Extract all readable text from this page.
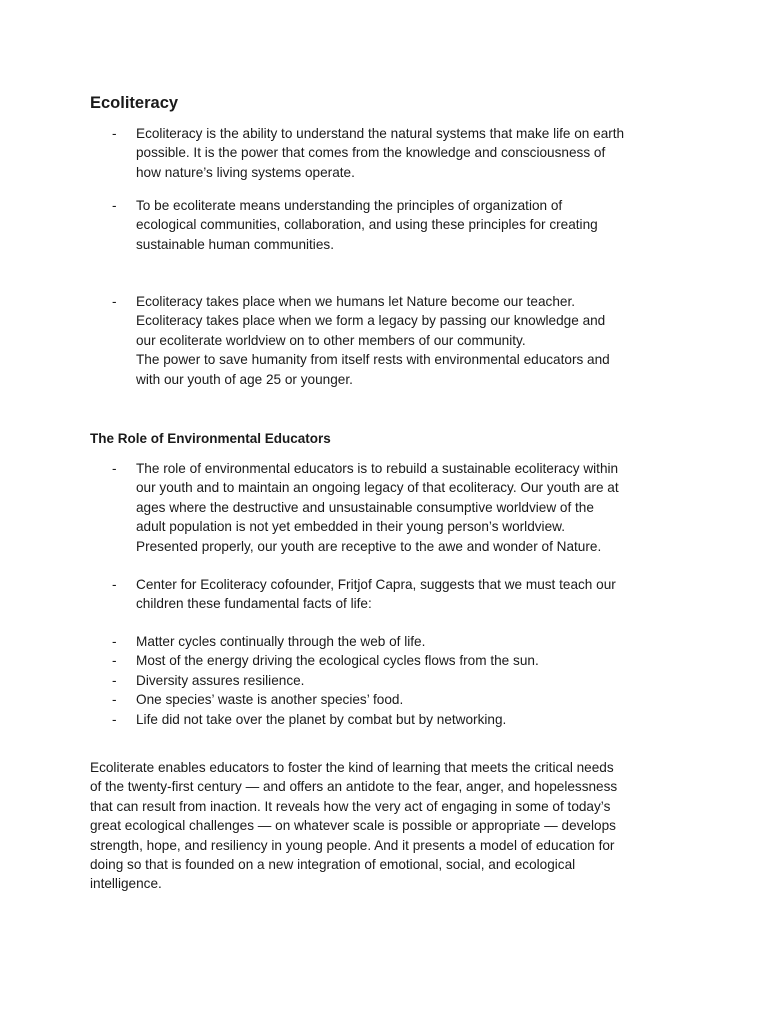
Ecoliteracy
- Ecoliteracy is the ability to understand the natural systems that make life on earth
possible. It is the power that comes from the knowledge and consciousness of
how nature’s living systems operate.
- To be ecoliterate means understanding the principles of organization of
ecological communities, collaboration, and using these principles for creating
sustainable human communities.
- Ecoliteracy takes place when we humans let Nature become our teacher.
Ecoliteracy takes place when we form a legacy by passing our knowledge and
our ecoliterate worldview on to other members of our community.
The power to save humanity from itself rests with environmental educators and
with our youth of age 25 or younger.
The Role of Environmental Educators
- The role of environmental educators is to rebuild a sustainable ecoliteracy within
our youth and to maintain an ongoing legacy of that ecoliteracy. Our youth are at
ages where the destructive and unsustainable consumptive worldview of the
adult population is not yet embedded in their young person’s worldview.
Presented properly, our youth are receptive to the awe and wonder of Nature.
- Center for Ecoliteracy cofounder, Fritjof Capra, suggests that we must teach our
children these fundamental facts of life:
- Matter cycles continually through the web of life.
- Most of the energy driving the ecological cycles flows from the sun.
- Diversity assures resilience.
- One species’ waste is another species’ food.
- Life did not take over the planet by combat but by networking.

Ecoliterate enables educators to foster the kind of learning that meets the critical needs
of the twenty-first century — and offers an antidote to the fear, anger, and hopelessness
that can result from inaction. It reveals how the very act of engaging in some of today’s
great ecological challenges — on whatever scale is possible or appropriate — develops
strength, hope, and resiliency in young people. And it presents a model of education for
doing so that is founded on a new integration of emotional, social, and ecological
intelligence.
